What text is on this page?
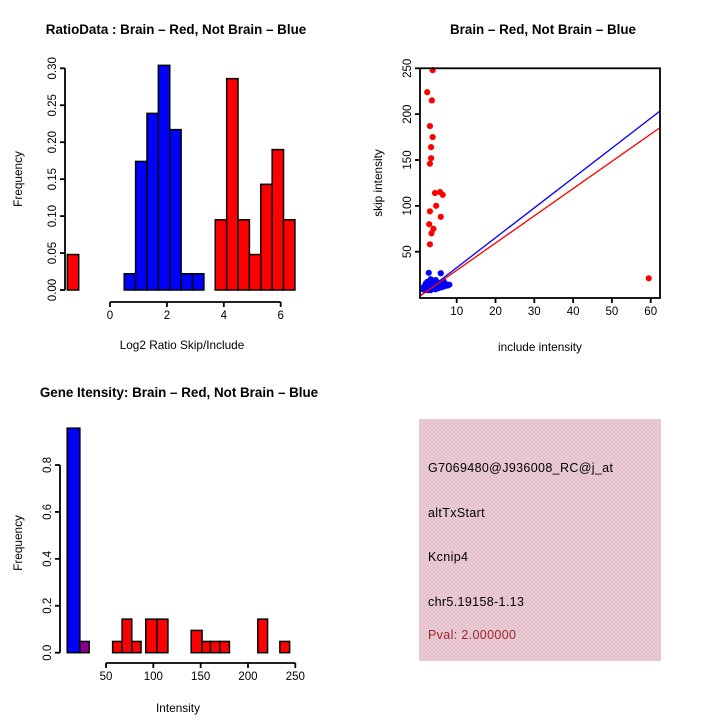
0.00
0.05
0.10
0.15
0.20
0.25
0.30
0	2	4	6
RatioData : Brain – Red, Not Brain – Blue
Log2 Ratio Skip/Include
Frequency
10 20 30 40 50 60
50
100
150
200
250
Brain – Red, Not Brain – Blue
include intensity
skip intensity
0.0
0.2
0.4
0.6
0.8
50	100 150 200 250
Gene Itensity: Brain – Red, Not Brain – Blue
Intensity
Frequency
G7069480@J936008_RC@j_at
altTxStart
Kcnip4
chr5.19158-1.13
Pval: 2.000000
